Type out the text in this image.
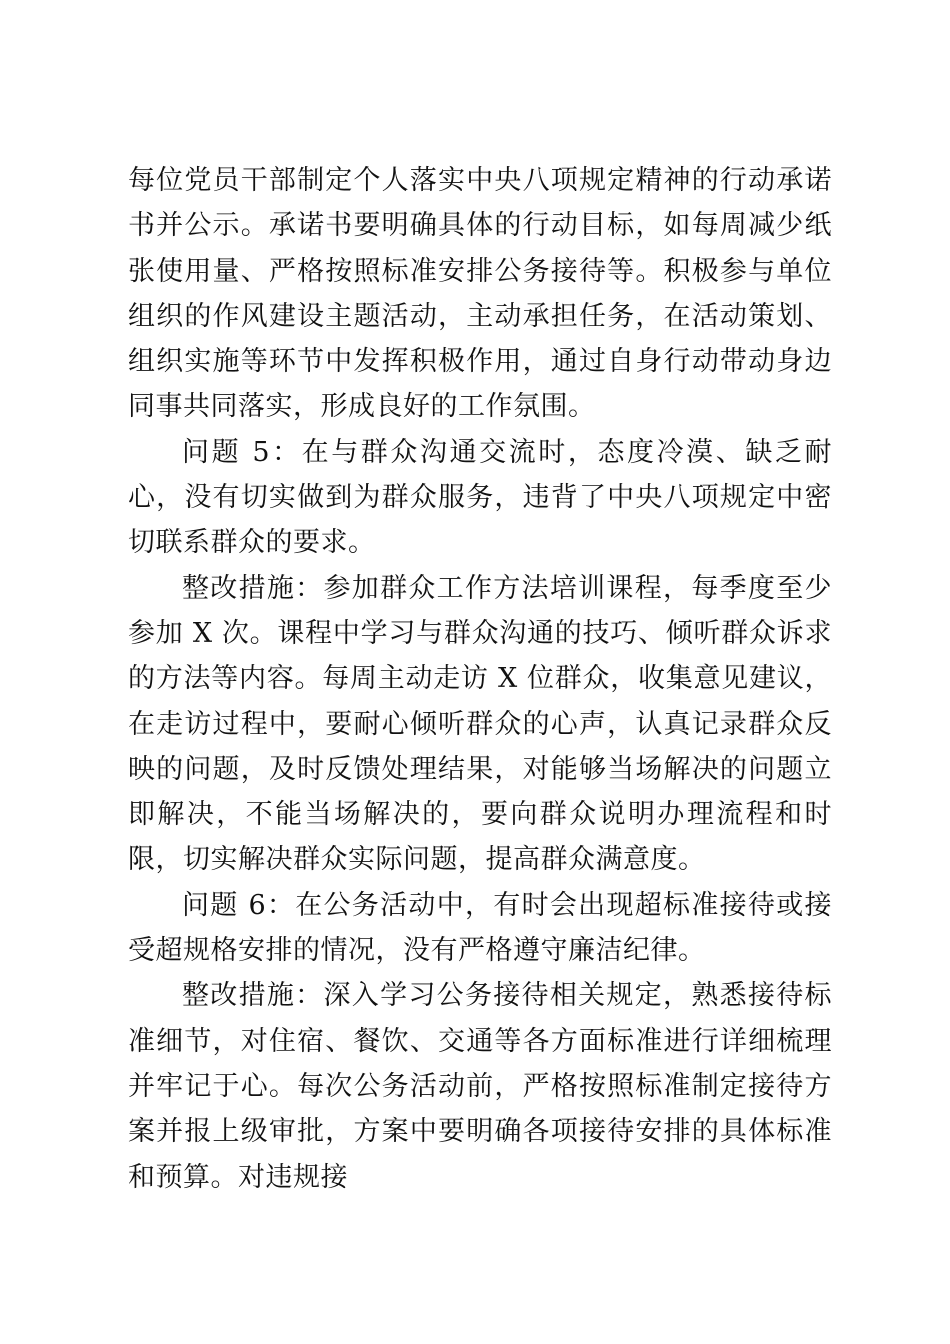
每位党员干部制定个人落实中央八项规定精神的行动承诺书并公示。承诺书要明确具体的行动目标，如每周减少纸张使用量、严格按照标准安排公务接待等。积极参与单位组织的作风建设主题活动，主动承担任务，在活动策划、组织实施等环节中发挥积极作用，通过自身行动带动身边同事共同落实，形成良好的工作氛围。

问题 5：在与群众沟通交流时，态度冷漠、缺乏耐心，没有切实做到为群众服务，违背了中央八项规定中密切联系群众的要求。

整改措施：参加群众工作方法培训课程，每季度至少参加 X 次。课程中学习与群众沟通的技巧、倾听群众诉求的方法等内容。每周主动走访 X 位群众，收集意见建议，在走访过程中，要耐心倾听群众的心声，认真记录群众反映的问题，及时反馈处理结果，对能够当场解决的问题立即解决，不能当场解决的，要向群众说明办理流程和时限，切实解决群众实际问题，提高群众满意度。

问题 6：在公务活动中，有时会出现超标准接待或接受超规格安排的情况，没有严格遵守廉洁纪律。

整改措施：深入学习公务接待相关规定，熟悉接待标准细节，对住宿、餐饮、交通等各方面标准进行详细梳理并牢记于心。每次公务活动前，严格按照标准制定接待方案并报上级审批，方案中要明确各项接待安排的具体标准和预算。对违规接
